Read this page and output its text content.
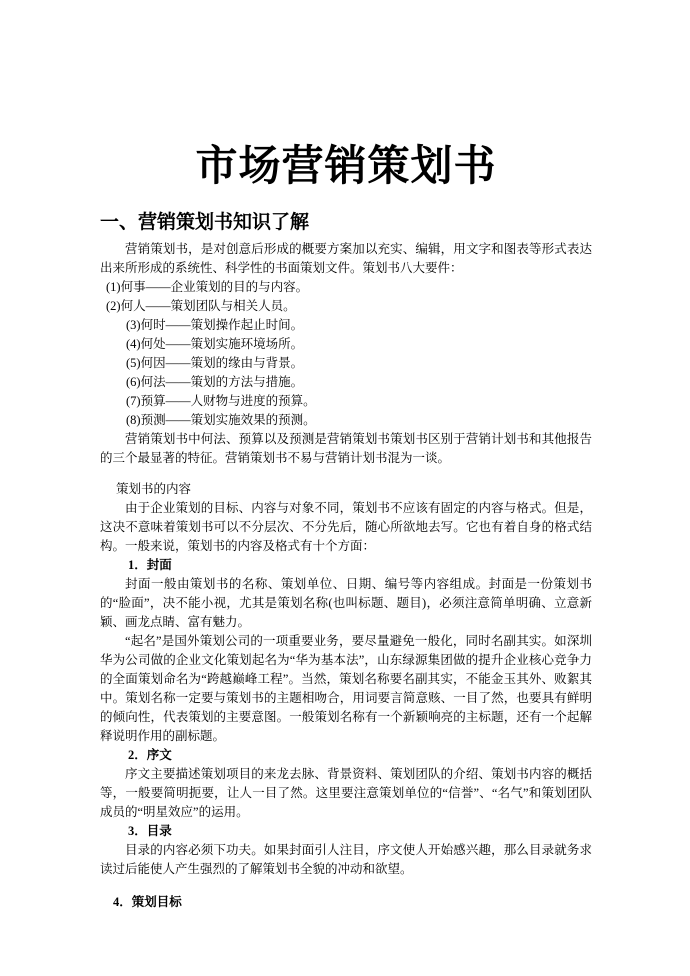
市场营销策划书
一、营销策划书知识了解
营销策划书，是对创意后形成的概要方案加以充实、编辑，用文字和图表等形式表达出来所形成的系统性、科学性的书面策划文件。策划书八大要件：
(1)何事——企业策划的目的与内容。
(2)何人——策划团队与相关人员。
(3)何时——策划操作起止时间。
(4)何处——策划实施环境场所。
(5)何因——策划的缘由与背景。
(6)何法——策划的方法与措施。
(7)预算——人财物与进度的预算。
(8)预测——策划实施效果的预测。
营销策划书中何法、预算以及预测是营销策划书策划书区别于营销计划书和其他报告的三个最显著的特征。营销策划书不易与营销计划书混为一谈。
策划书的内容
由于企业策划的目标、内容与对象不同，策划书不应该有固定的内容与格式。但是，这决不意味着策划书可以不分层次、不分先后，随心所欲地去写。它也有着自身的格式结构。一般来说，策划书的内容及格式有十个方面：
1．封面
封面一般由策划书的名称、策划单位、日期、编号等内容组成。封面是一份策划书的“脸面”，决不能小视，尤其是策划名称(也叫标题、题目)，必须注意简单明确、立意新颖、画龙点睛、富有魅力。
“起名”是国外策划公司的一项重要业务，要尽量避免一般化，同时名副其实。如深圳华为公司做的企业文化策划起名为“华为基本法”，山东绿源集团做的提升企业核心竞争力的全面策划命名为“跨越巅峰工程”。当然，策划名称要名副其实，不能金玉其外、败絮其中。策划名称一定要与策划书的主题相吻合，用词要言简意赅、一目了然，也要具有鲜明的倾向性，代表策划的主要意图。一般策划名称有一个新颖响亮的主标题，还有一个起解释说明作用的副标题。
2．序文
序文主要描述策划项目的来龙去脉、背景资料、策划团队的介绍、策划书内容的概括等，一般要简明扼要，让人一目了然。这里要注意策划单位的“信誉”、“名气”和策划团队成员的“明星效应”的运用。
3．目录
目录的内容必须下功夫。如果封面引人注目，序文使人开始感兴趣，那么目录就务求读过后能使人产生强烈的了解策划书全貌的冲动和欲望。
4．策划目标
